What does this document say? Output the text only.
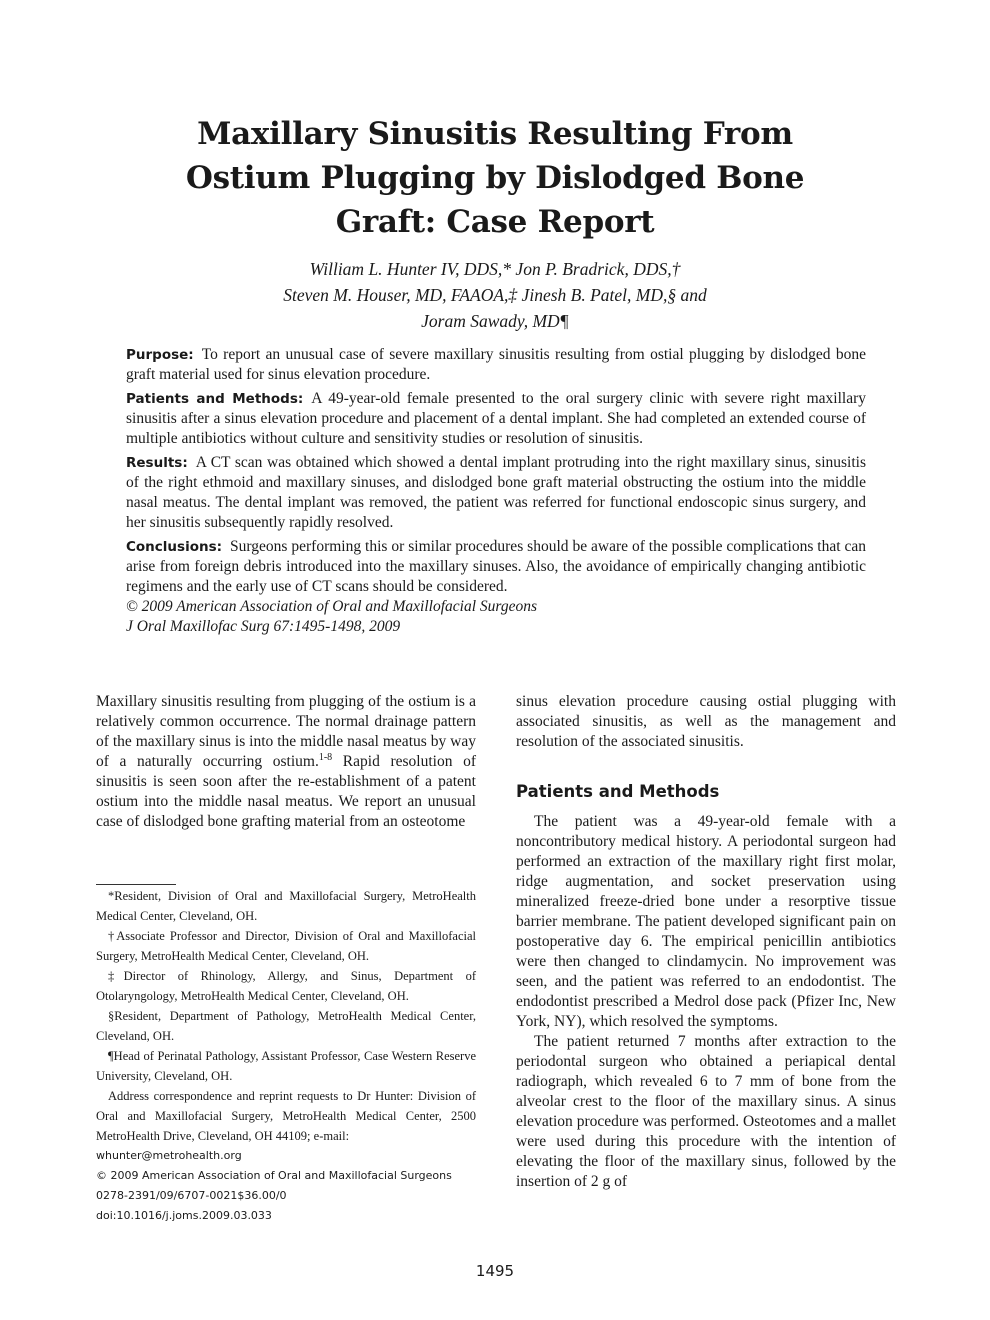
Maxillary Sinusitis Resulting From Ostium Plugging by Dislodged Bone Graft: Case Report
William L. Hunter IV, DDS,* Jon P. Bradrick, DDS,†
Steven M. Houser, MD, FAAOA,‡ Jinesh B. Patel, MD,§ and
Joram Sawady, MD¶

Purpose: To report an unusual case of severe maxillary sinusitis resulting from ostial plugging by dislodged bone graft material used for sinus elevation procedure.

Patients and Methods: A 49-year-old female presented to the oral surgery clinic with severe right maxillary sinusitis after a sinus elevation procedure and placement of a dental implant. She had completed an extended course of multiple antibiotics without culture and sensitivity studies or resolution of sinusitis.

Results: A CT scan was obtained which showed a dental implant protruding into the right maxillary sinus, sinusitis of the right ethmoid and maxillary sinuses, and dislodged bone graft material obstructing the ostium into the middle nasal meatus. The dental implant was removed, the patient was referred for functional endoscopic sinus surgery, and her sinusitis subsequently rapidly resolved.

Conclusions: Surgeons performing this or similar procedures should be aware of the possible complications that can arise from foreign debris introduced into the maxillary sinuses. Also, the avoidance of empirically changing antibiotic regimens and the early use of CT scans should be considered.

© 2009 American Association of Oral and Maxillofacial Surgeons

J Oral Maxillofac Surg 67:1495-1498, 2009

Maxillary sinusitis resulting from plugging of the ostium is a relatively common occurrence. The normal drainage pattern of the maxillary sinus is into the middle nasal meatus by way of a naturally occurring ostium.$^{1-8}$ Rapid resolution of sinusitis is seen soon after the re-establishment of a patent ostium into the middle nasal meatus. We report an unusual case of dislodged bone grafting material from an osteotome

*Resident, Division of Oral and Maxillofacial Surgery, MetroHealth Medical Center, Cleveland, OH.

†Associate Professor and Director, Division of Oral and Maxillofacial Surgery, MetroHealth Medical Center, Cleveland, OH.

‡Director of Rhinology, Allergy, and Sinus, Department of Otolaryngology, MetroHealth Medical Center, Cleveland, OH.

§Resident, Department of Pathology, MetroHealth Medical Center, Cleveland, OH.

¶Head of Perinatal Pathology, Assistant Professor, Case Western Reserve University, Cleveland, OH.

Address correspondence and reprint requests to Dr Hunter: Division of Oral and Maxillofacial Surgery, MetroHealth Medical Center, 2500 MetroHealth Drive, Cleveland, OH 44109; e-mail:

whunter@metrohealth.org

© 2009 American Association of Oral and Maxillofacial Surgeons

0278-2391/09/6707-0021$36.00/0

doi:10.1016/j.joms.2009.03.033

sinus elevation procedure causing ostial plugging with associated sinusitis, as well as the management and resolution of the associated sinusitis.

Patients and Methods

The patient was a 49-year-old female with a noncontributory medical history. A periodontal surgeon had performed an extraction of the maxillary right first molar, ridge augmentation, and socket preservation using mineralized freeze-dried bone under a resorptive tissue barrier membrane. The patient developed significant pain on postoperative day 6. The empirical penicillin antibiotics were then changed to clindamycin. No improvement was seen, and the patient was referred to an endodontist. The endodontist prescribed a Medrol dose pack (Pfizer Inc, New York, NY), which resolved the symptoms.

The patient returned 7 months after extraction to the periodontal surgeon who obtained a periapical dental radiograph, which revealed 6 to 7 mm of bone from the alveolar crest to the floor of the maxillary sinus. A sinus elevation procedure was performed. Osteotomes and a mallet were used during this procedure with the intention of elevating the floor of the maxillary sinus, followed by the insertion of 2 g of

1495
